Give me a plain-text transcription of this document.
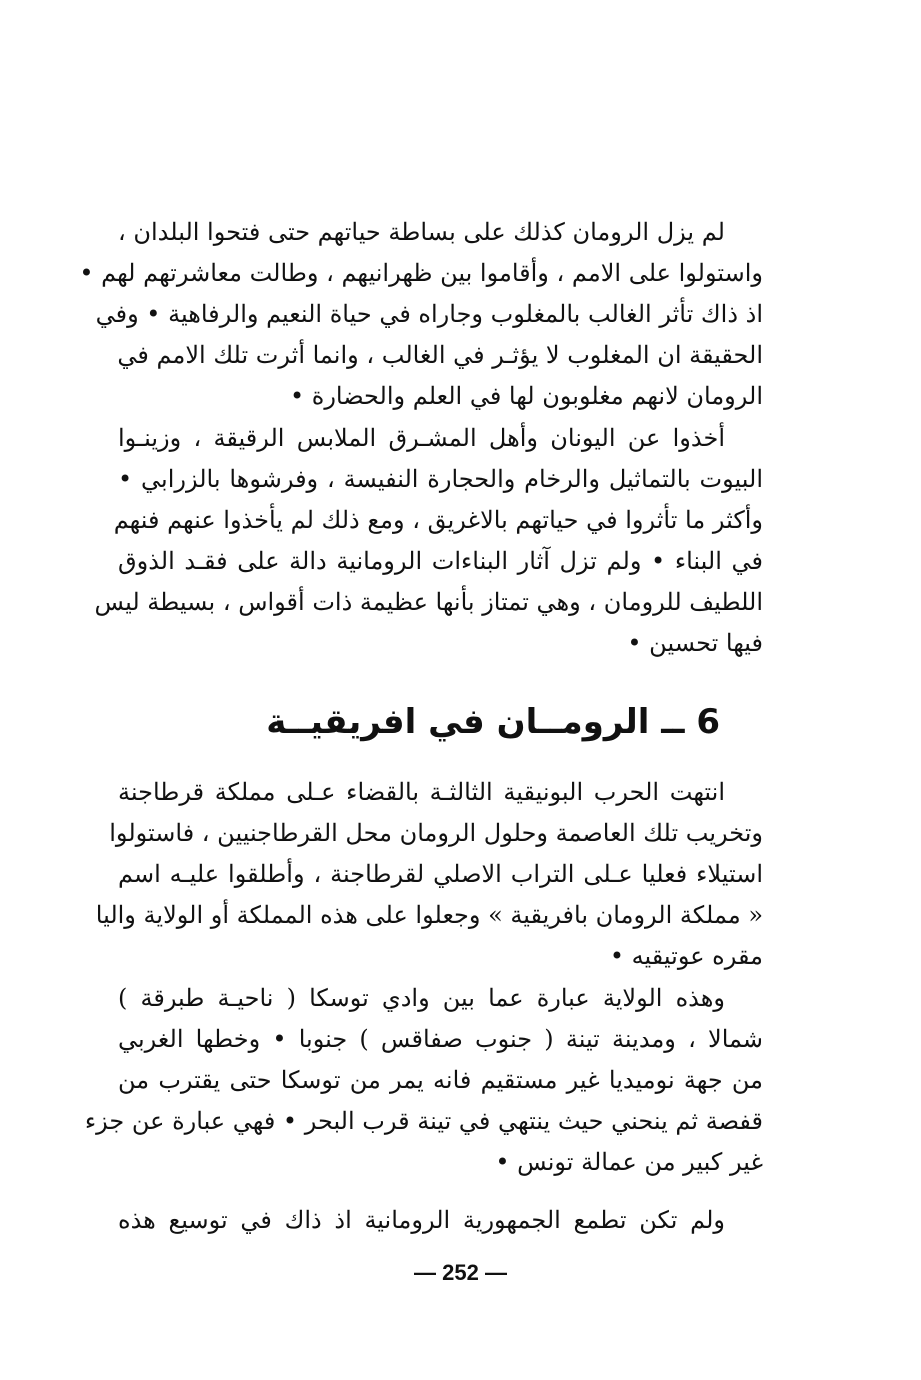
لم يزل الرومان كذلك على بساطة حياتهم حتى فتحوا البلدان ،
واستولوا على الامم ، وأقاموا بين ظهرانيهم ، وطالت معاشرتهم لهم •
اذ ذاك تأثر الغالب بالمغلوب وجاراه في حياة النعيم والرفاهية • وفي
الحقيقة ان المغلوب لا يؤثـر في الغالب ، وانما أثرت تلك الامم في
الرومان لانهم مغلوبون لها في العلم والحضارة •
أخذوا عن اليونان وأهل المشـرق الملابس الرقيقة ، وزينـوا
البيوت بالتماثيل والرخام والحجارة النفيسة ، وفرشوها بالزرابي •
وأكثر ما تأثروا في حياتهم بالاغريق ، ومع ذلك لم يأخذوا عنهم فنهم
في البناء • ولم تزل آثار البناءات الرومانية دالة على فقـد الذوق
اللطيف للرومان ، وهي تمتاز بأنها عظيمة ذات أقواس ، بسيطة ليس
فيها تحسين •
6 ــ الرومــان في افريقيــة
انتهت الحرب البونيقية الثالثـة بالقضاء عـلى مملكة قرطاجنة
وتخريب تلك العاصمة وحلول الرومان محل القرطاجنيين ، فاستولوا
استيلاء فعليا عـلى التراب الاصلي لقرطاجنة ، وأطلقوا عليـه اسم
« مملكة الرومان بافريقية » وجعلوا على هذه المملكة أو الولاية واليا
مقره عوتيقيه •
وهذه الولاية عبارة عما بين وادي توسكا ( ناحيـة طبرقة )
شمالا ، ومدينة تينة ( جنوب صفاقس ) جنوبا • وخطها الغربي
من جهة نوميديا غير مستقيم فانه يمر من توسكا حتى يقترب من
قفصة ثم ينحني حيث ينتهي في تينة قرب البحر • فهي عبارة عن جزء
غير كبير من عمالة تونس •
ولم تكن تطمع الجمهورية الرومانية اذ ذاك في توسيع هذه
— 252 —
